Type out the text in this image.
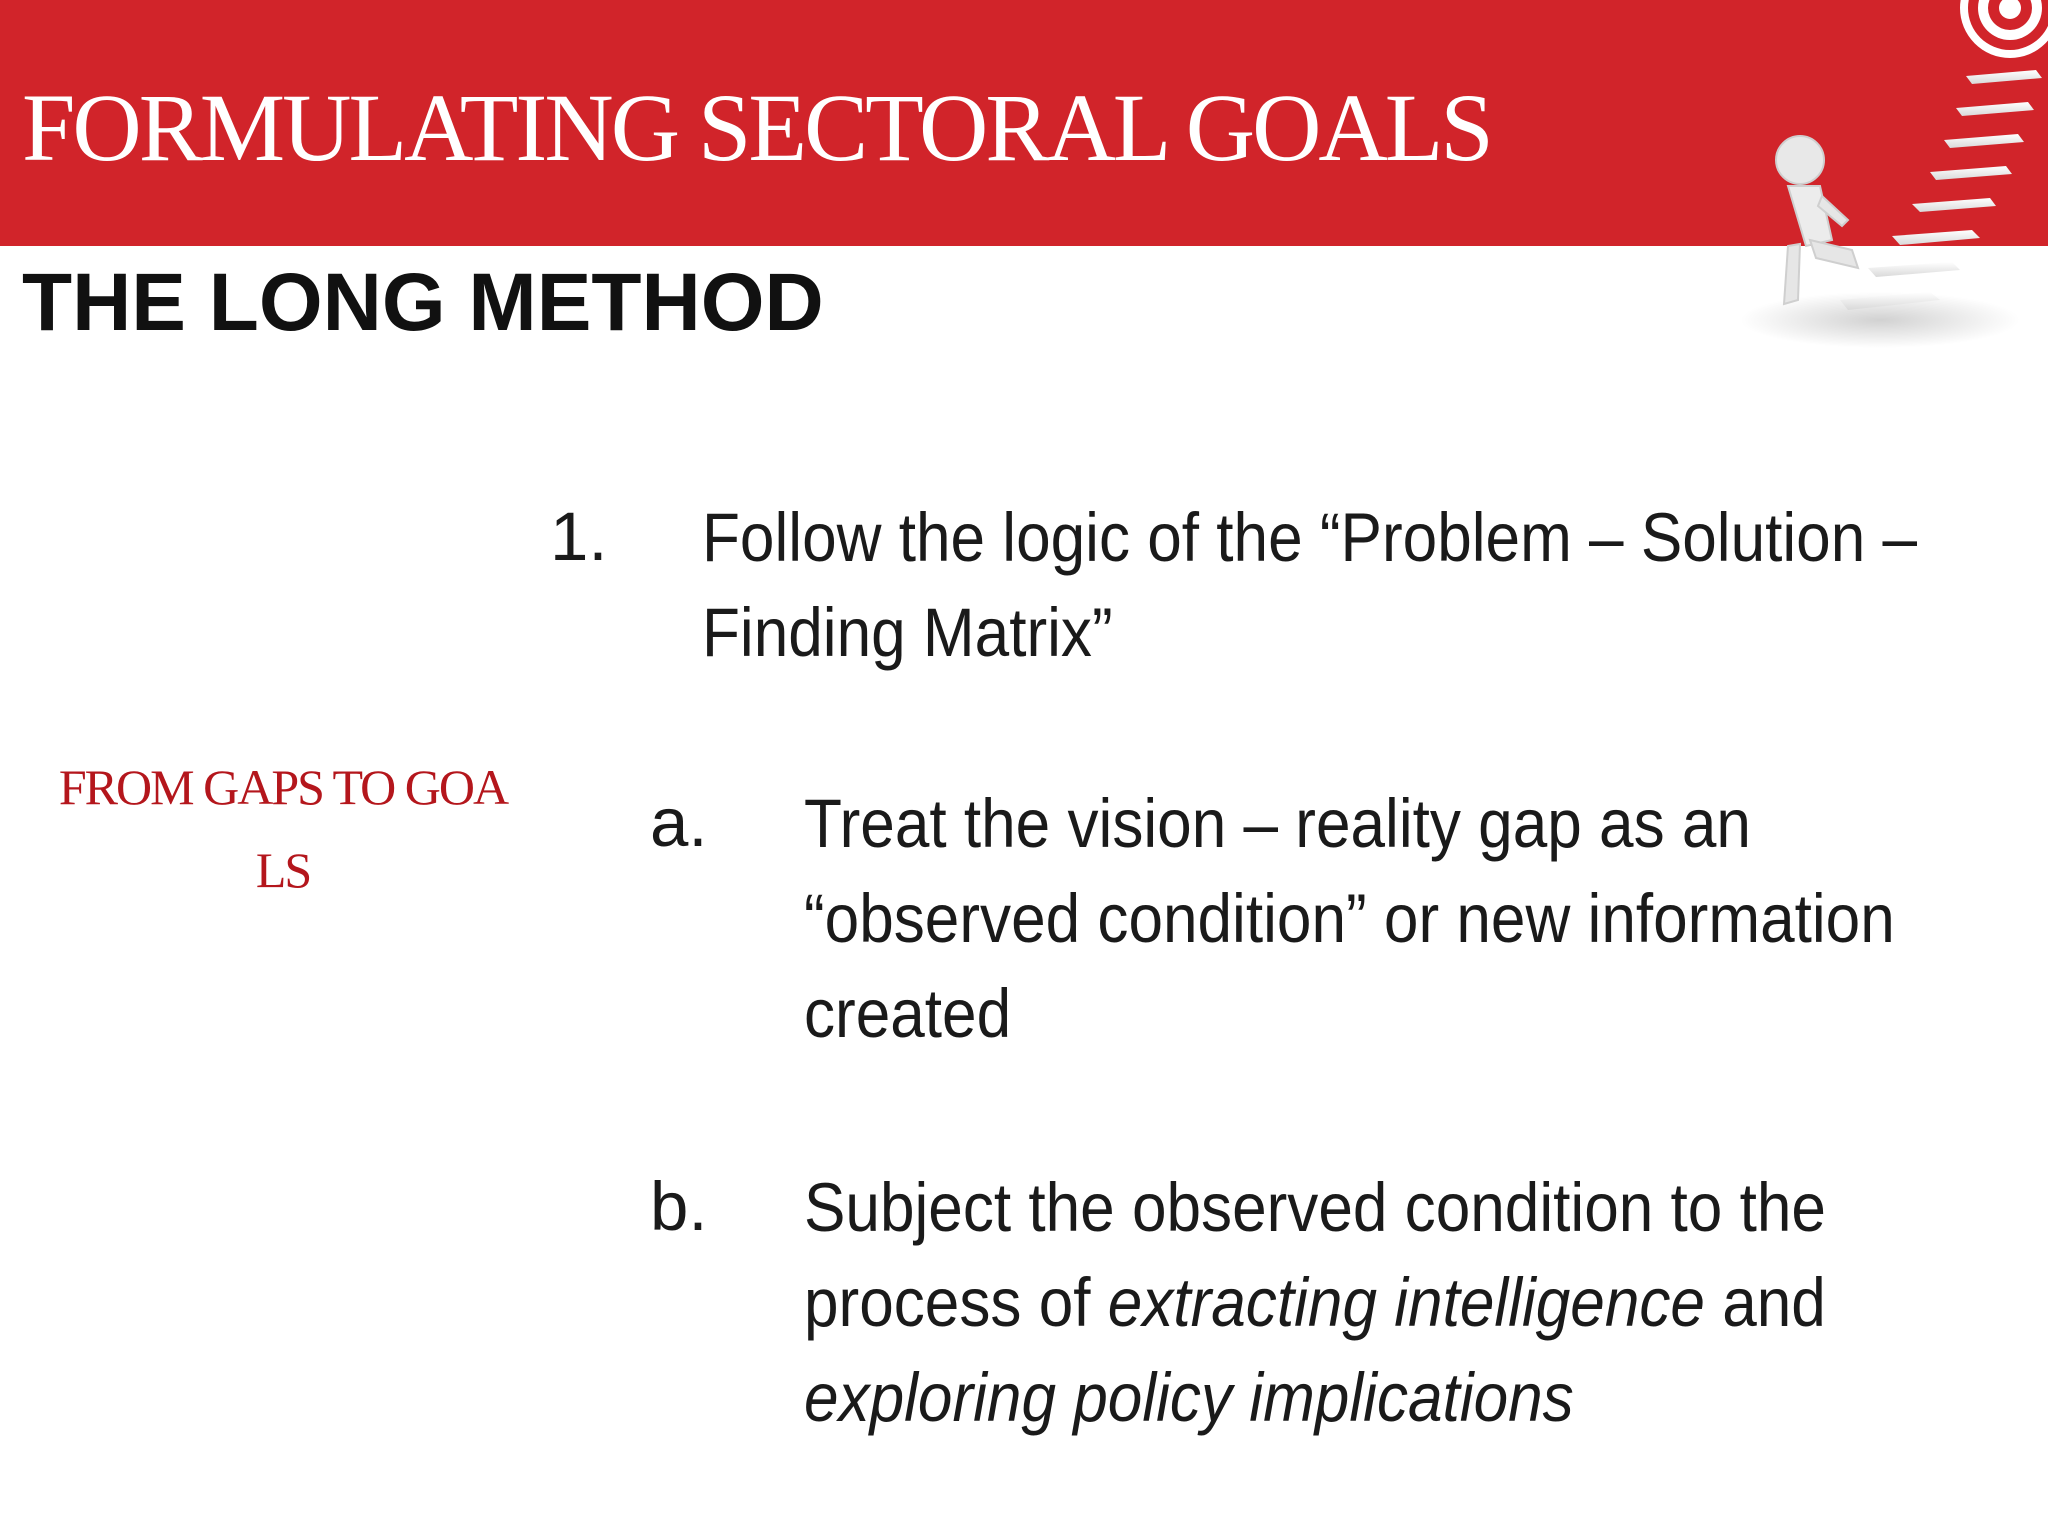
FORMULATING SECTORAL GOALS
THE LONG METHOD
FROM GAPS TO GOA
LS
1. Follow the logic of the “Problem – Solution –
Finding Matrix”
a. Treat the vision – reality gap as an
“observed condition” or new information
created
b. Subject the observed condition to the
process of extracting intelligence and
exploring policy implications
